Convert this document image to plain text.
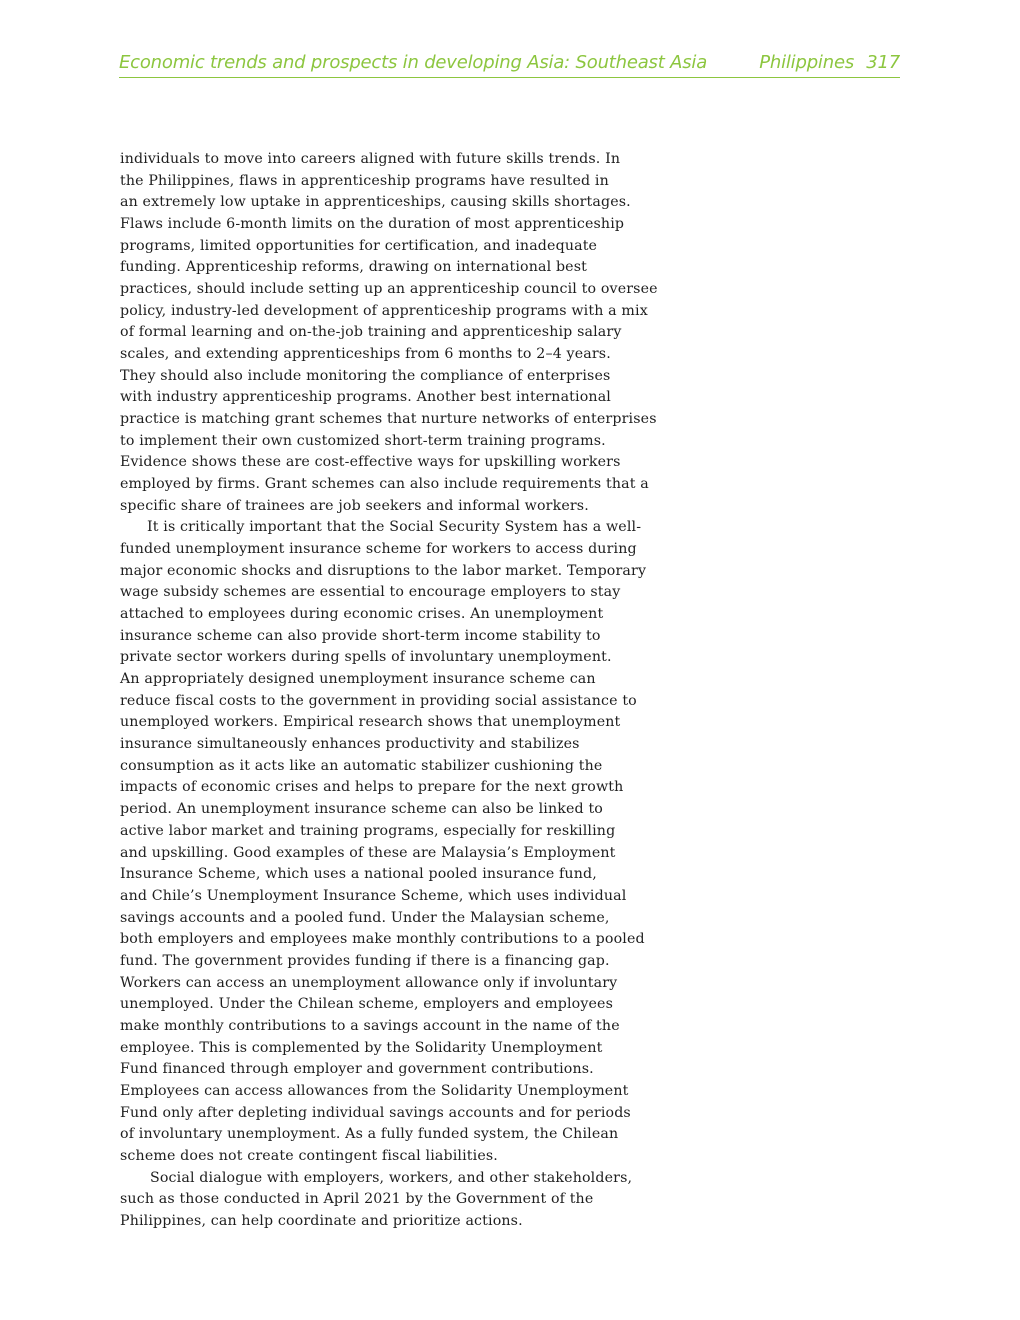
Economic trends and prospects in developing Asia: Southeast Asia	Philippines 317
individuals to move into careers aligned with future skills trends. In
the Philippines, flaws in apprenticeship programs have resulted in
an extremely low uptake in apprenticeships, causing skills shortages.
Flaws include 6-month limits on the duration of most apprenticeship
programs, limited opportunities for certification, and inadequate
funding. Apprenticeship reforms, drawing on international best
practices, should include setting up an apprenticeship council to oversee
policy, industry-led development of apprenticeship programs with a mix
of formal learning and on-the-job training and apprenticeship salary
scales, and extending apprenticeships from 6 months to 2–4 years.
They should also include monitoring the compliance of enterprises
with industry apprenticeship programs. Another best international
practice is matching grant schemes that nurture networks of enterprises
to implement their own customized short-term training programs.
Evidence shows these are cost-effective ways for upskilling workers
employed by firms. Grant schemes can also include requirements that a
specific share of trainees are job seekers and informal workers.
It is critically important that the Social Security System has a well-
funded unemployment insurance scheme for workers to access during
major economic shocks and disruptions to the labor market. Temporary
wage subsidy schemes are essential to encourage employers to stay
attached to employees during economic crises. An unemployment
insurance scheme can also provide short-term income stability to
private sector workers during spells of involuntary unemployment.
An appropriately designed unemployment insurance scheme can
reduce fiscal costs to the government in providing social assistance to
unemployed workers. Empirical research shows that unemployment
insurance simultaneously enhances productivity and stabilizes
consumption as it acts like an automatic stabilizer cushioning the
impacts of economic crises and helps to prepare for the next growth
period. An unemployment insurance scheme can also be linked to
active labor market and training programs, especially for reskilling
and upskilling. Good examples of these are Malaysia’s Employment
Insurance Scheme, which uses a national pooled insurance fund,
and Chile’s Unemployment Insurance Scheme, which uses individual
savings accounts and a pooled fund. Under the Malaysian scheme,
both employers and employees make monthly contributions to a pooled
fund. The government provides funding if there is a financing gap.
Workers can access an unemployment allowance only if involuntary
unemployed. Under the Chilean scheme, employers and employees
make monthly contributions to a savings account in the name of the
employee. This is complemented by the Solidarity Unemployment
Fund financed through employer and government contributions.
Employees can access allowances from the Solidarity Unemployment
Fund only after depleting individual savings accounts and for periods
of involuntary unemployment. As a fully funded system, the Chilean
scheme does not create contingent fiscal liabilities.
Social dialogue with employers, workers, and other stakeholders,
such as those conducted in April 2021 by the Government of the
Philippines, can help coordinate and prioritize actions.
